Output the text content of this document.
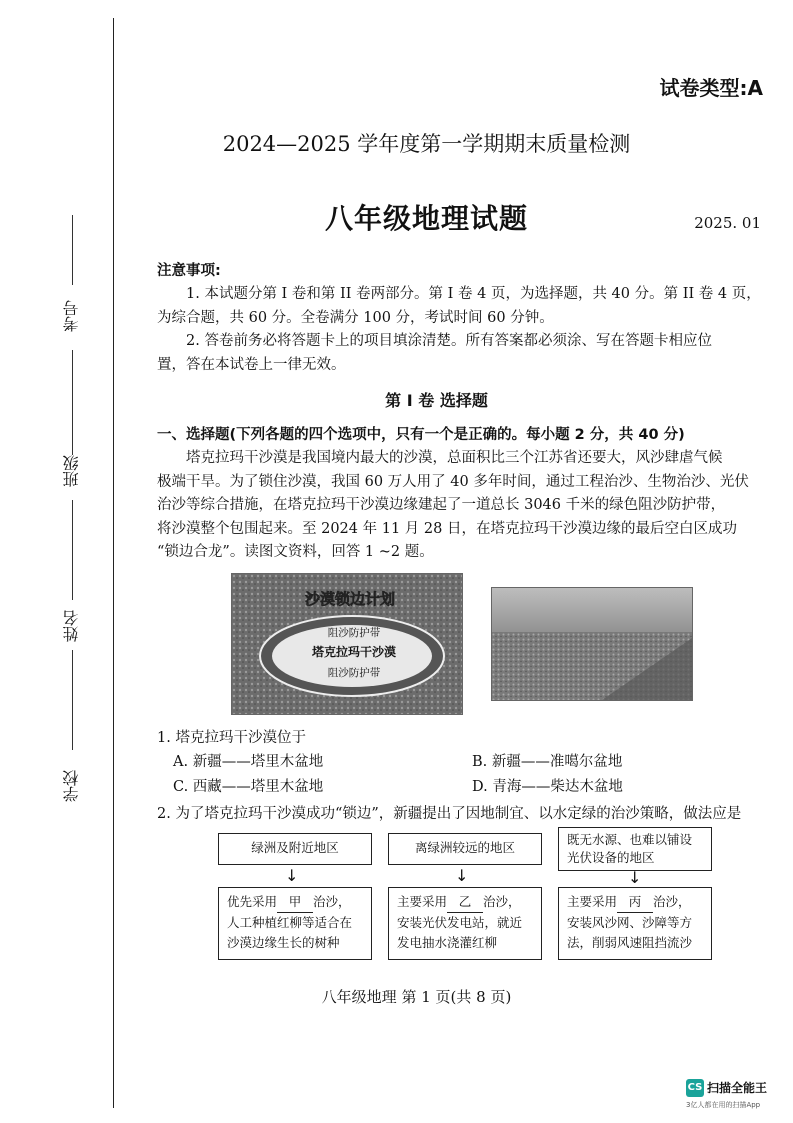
考号
班级
姓名
学校
试卷类型:A
2024—2025 学年度第一学期期末质量检测
八年级地理试题	2025. 01
注意事项:
1. 本试题分第 I 卷和第 II 卷两部分。第 I 卷 4 页，为选择题，共 40 分。第 II 卷 4 页，
为综合题，共 60 分。全卷满分 100 分，考试时间 60 分钟。
2. 答卷前务必将答题卡上的项目填涂清楚。所有答案都必须涂、写在答题卡相应位
置，答在本试卷上一律无效。
第 I 卷 选择题
一、选择题(下列各题的四个选项中，只有一个是正确的。每小题 2 分，共 40 分)
塔克拉玛干沙漠是我国境内最大的沙漠，总面积比三个江苏省还要大，风沙肆虐气候
极端干旱。为了锁住沙漠，我国 60 万人用了 40 多年时间，通过工程治沙、生物治沙、光伏
治沙等综合措施，在塔克拉玛干沙漠边缘建起了一道总长 3046 千米的绿色阻沙防护带，
将沙漠整个包围起来。至 2024 年 11 月 28 日，在塔克拉玛干沙漠边缘的最后空白区成功
“锁边合龙”。读图文资料，回答 1 ~2 题。
沙漠锁边计划
阻沙防护带
塔克拉玛干沙漠
阻沙防护带
1. 塔克拉玛干沙漠位于
A. 新疆——塔里木盆地	B. 新疆——准噶尔盆地
C. 西藏——塔里木盆地	D. 青海——柴达木盆地
2. 为了塔克拉玛干沙漠成功“锁边”，新疆提出了因地制宜、以水定绿的治沙策略，做法应是
绿洲及附近地区	离绿洲较远的地区
既无水源、也难以铺设
光伏设备的地区
↓	↓	↓
优先采用 甲 治沙，
人工种植红柳等适合在
沙漠边缘生长的树种
主要采用 乙 治沙，
安装光伏发电站，就近
发电抽水浇灌红柳
主要采用 丙 治沙，
安装风沙网、沙障等方
法，削弱风速阻挡流沙
八年级地理 第 1 页(共 8 页)
CS 扫描全能王
3亿人都在用的扫描App
